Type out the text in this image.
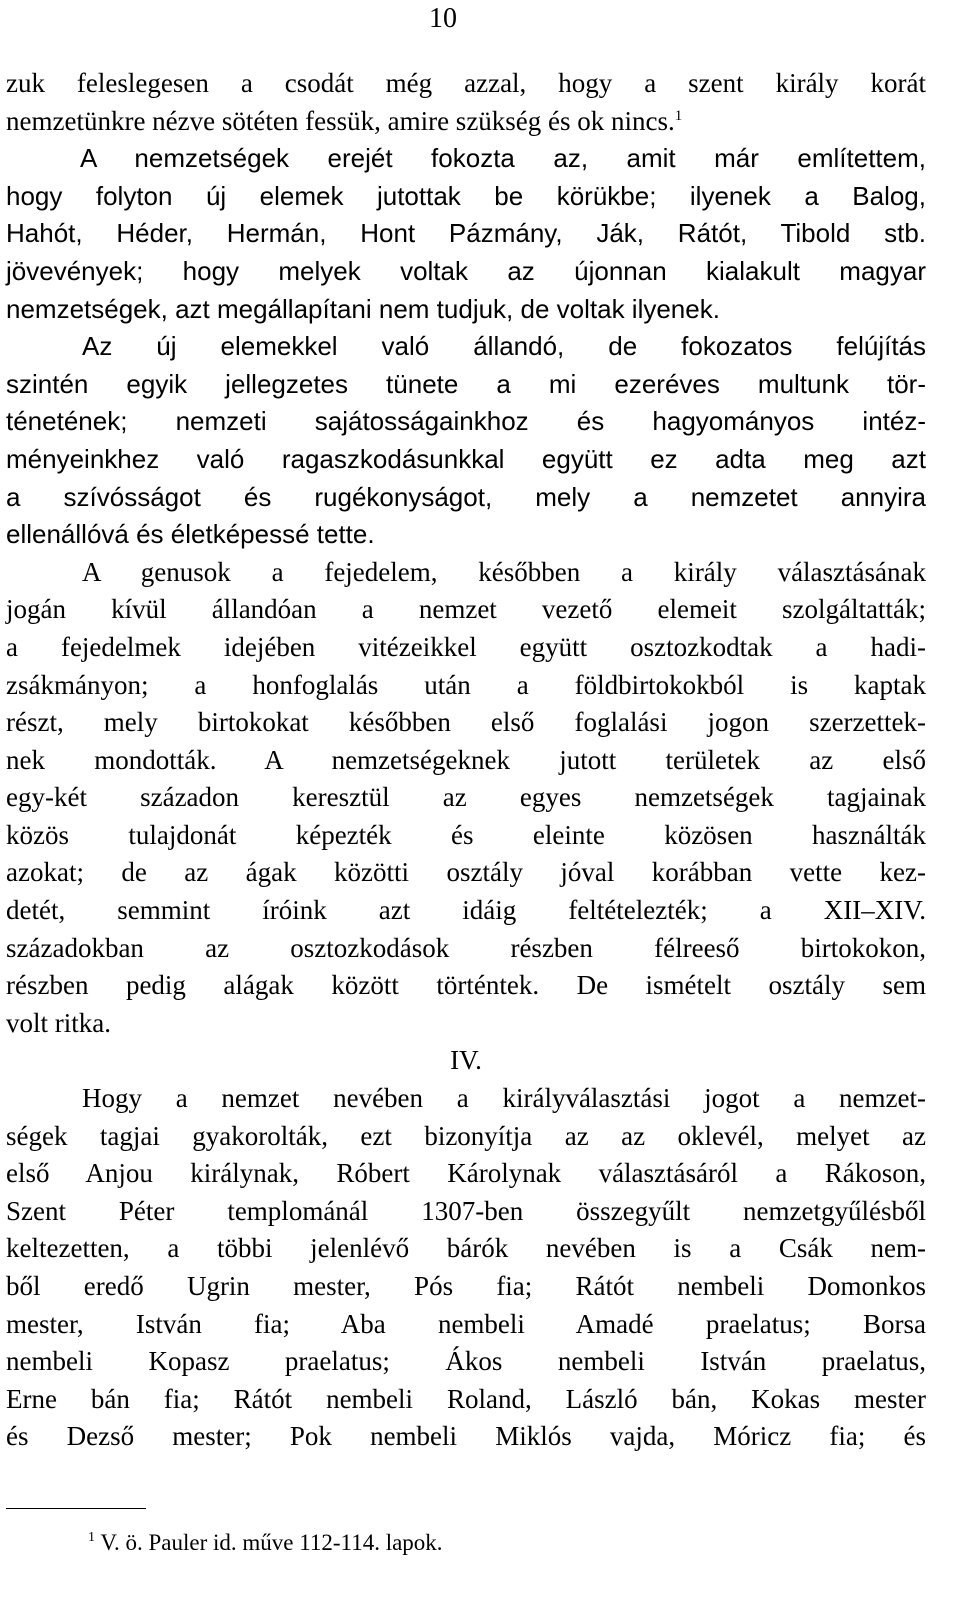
10
zuk feleslegesen a csodát még azzal, hogy a szent király korát
nemzetünkre nézve sötéten fessük, amire szükség és ok nincs.$^1$
A nemzetségek erejét fokozta az, amit már említettem,
hogy folyton új elemek jutottak be körükbe; ilyenek a Balog,
Hahót, Héder, Hermán, Hont Pázmány, Ják, Rátót, Tibold stb.
jövevények; hogy melyek voltak az újonnan kialakult magyar
nemzetségek, azt megállapítani nem tudjuk, de voltak ilyenek.
Az új elemekkel való állandó, de fokozatos felújítás
szintén egyik jellegzetes tünete a mi ezeréves multunk tör-
ténetének; nemzeti sajátosságainkhoz és hagyományos intéz-
ményeinkhez való ragaszkodásunkkal együtt ez adta meg azt
a szívósságot és rugékonyságot, mely a nemzetet annyira
ellenállóvá és életképessé tette.
A genusok a fejedelem, későbben a király választásának
jogán kívül állandóan a nemzet vezető elemeit szolgáltatták;
a fejedelmek idejében vitézeikkel együtt osztozkodtak a hadi-
zsákmányon; a honfoglalás után a földbirtokokból is kaptak
részt, mely birtokokat későbben első foglalási jogon szerzettek-
nek mondották. A nemzetségeknek jutott területek az első
egy-két századon keresztül az egyes nemzetségek tagjainak
közös tulajdonát képezték és eleinte közösen használták
azokat; de az ágak közötti osztály jóval korábban vette kez-
detét, semmint íróink azt idáig feltételezték; a XII–XIV.
századokban az osztozkodások részben félreeső birtokokon,
részben pedig alágak között történtek. De ismételt osztály sem
volt ritka.
IV.
Hogy a nemzet nevében a királyválasztási jogot a nemzet-
ségek tagjai gyakorolták, ezt bizonyítja az az oklevél, melyet az
első Anjou királynak, Róbert Károlynak választásáról a Rákoson,
Szent Péter templománál 1307-ben összegyűlt nemzetgyűlésből
keltezetten, a többi jelenlévő bárók nevében is a Csák nem-
ből eredő Ugrin mester, Pós fia; Rátót nembeli Domonkos
mester, István fia; Aba nembeli Amadé praelatus; Borsa
nembeli Kopasz praelatus; Ákos nembeli István praelatus,
Erne bán fia; Rátót nembeli Roland, László bán, Kokas mester
és Dezső mester; Pok nembeli Miklós vajda, Móricz fia; és
$^1$ V. ö. Pauler id. műve 112-114. lapok.
